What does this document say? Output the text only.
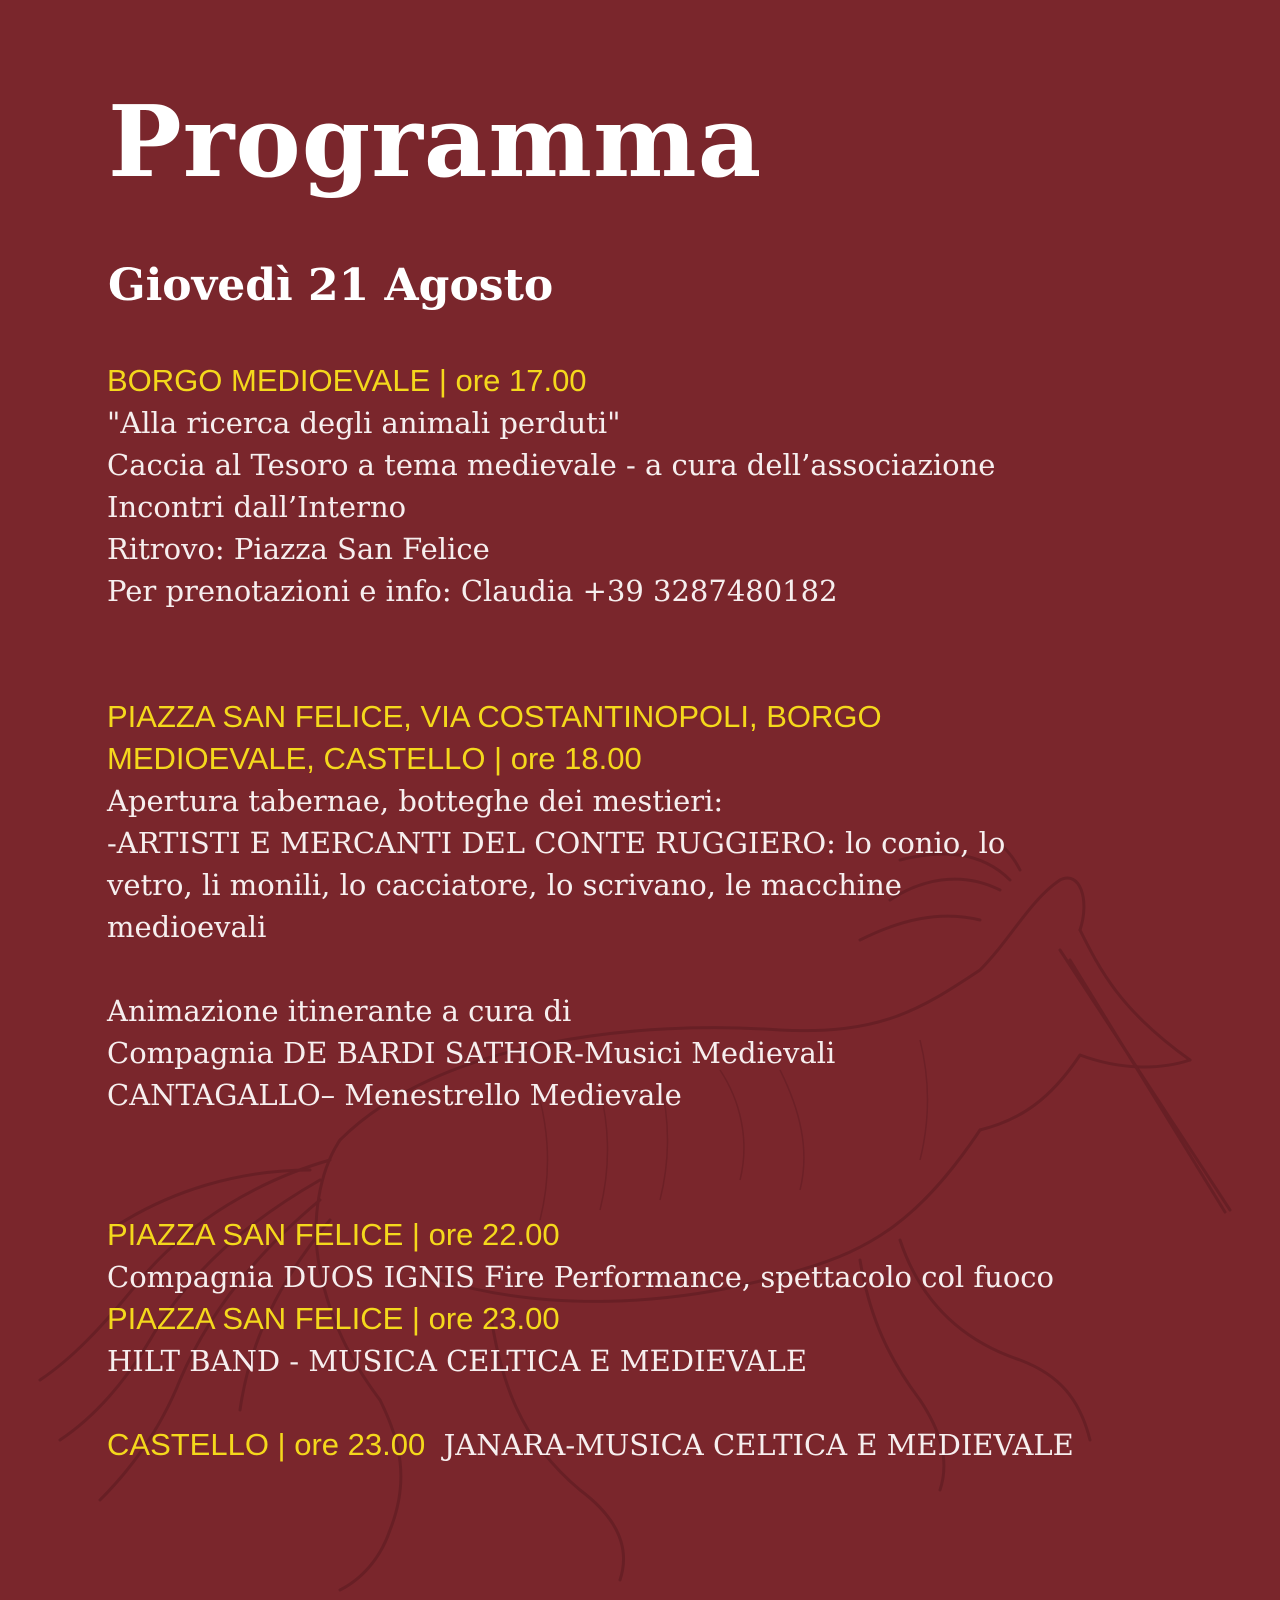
Programma
Giovedì 21 Agosto
BORGO MEDIOEVALE | ore 17.00
"Alla ricerca degli animali perduti"
Caccia al Tesoro a tema medievale - a cura dell’associazione
Incontri dall’Interno
Ritrovo: Piazza San Felice
Per prenotazioni e info: Claudia +39 3287480182
PIAZZA SAN FELICE, VIA COSTANTINOPOLI, BORGO
MEDIOEVALE, CASTELLO | ore 18.00
Apertura tabernae, botteghe dei mestieri:
-ARTISTI E MERCANTI DEL CONTE RUGGIERO: lo conio, lo
vetro, li monili, lo cacciatore, lo scrivano, le macchine
medioevali
Animazione itinerante a cura di
Compagnia DE BARDI SATHOR-Musici Medievali
CANTAGALLO– Menestrello Medievale
PIAZZA SAN FELICE | ore 22.00
Compagnia DUOS IGNIS Fire Performance, spettacolo col fuoco
PIAZZA SAN FELICE | ore 23.00
HILT BAND - MUSICA CELTICA E MEDIEVALE
CASTELLO | ore 23.00 JANARA-MUSICA CELTICA E MEDIEVALE
